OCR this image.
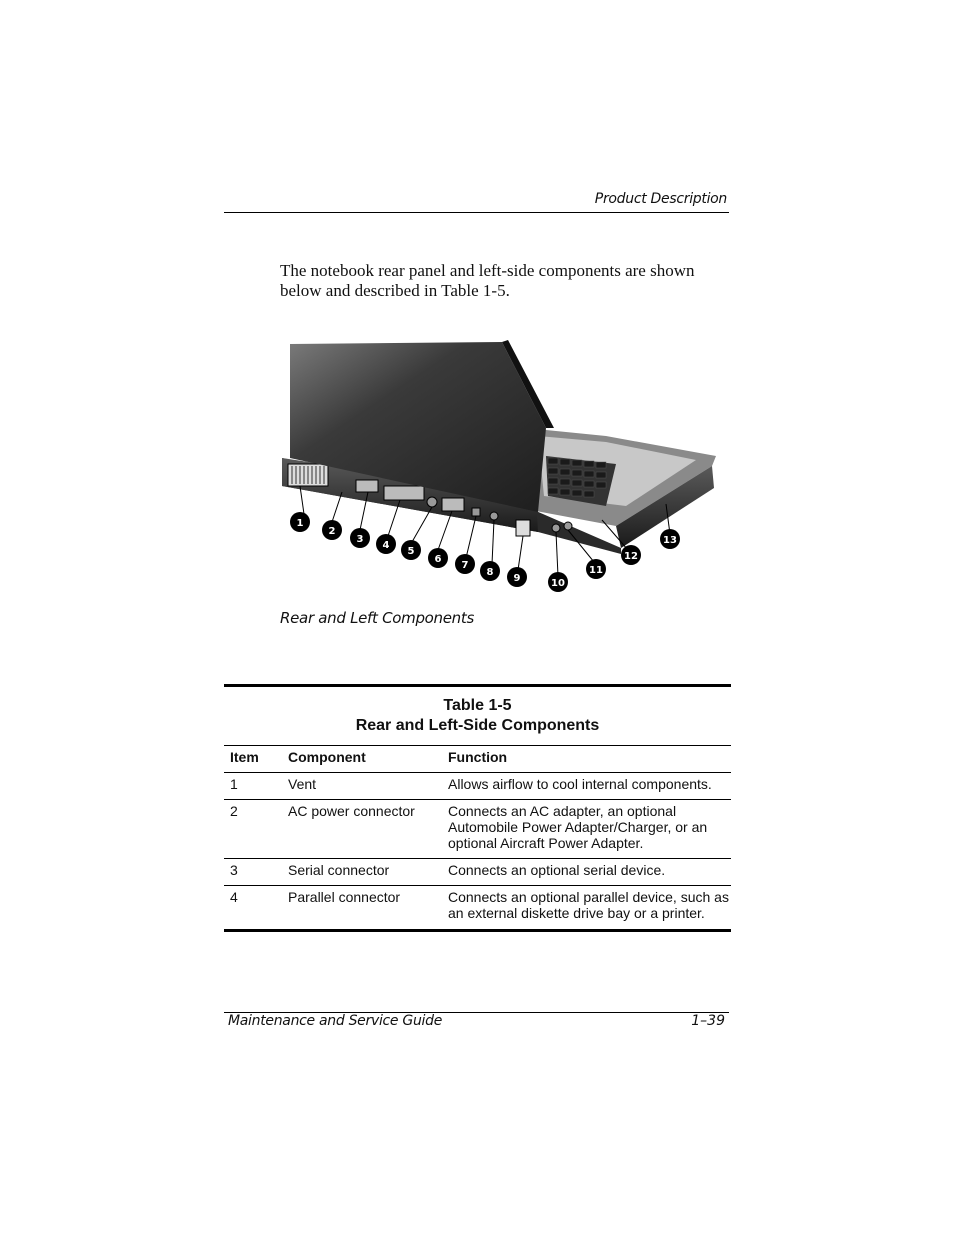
Product Description
The notebook rear panel and left-side components are shown below and described in Table 1-5.
1
2
3
4
5
6
7
8
9	10
11
12
13
Rear and Left Components
Table 1-5
Rear and Left-Side Components
Item	Component	Function
1	Vent	Allows airflow to cool internal components.
2	AC power connector	Connects an AC adapter, an optional Automobile Power Adapter/Charger, or an optional Aircraft Power Adapter.
3	Serial connector	Connects an optional serial device.
4	Parallel connector	Connects an optional parallel device, such as an external diskette drive bay or a printer.
Maintenance and Service Guide	1–39
